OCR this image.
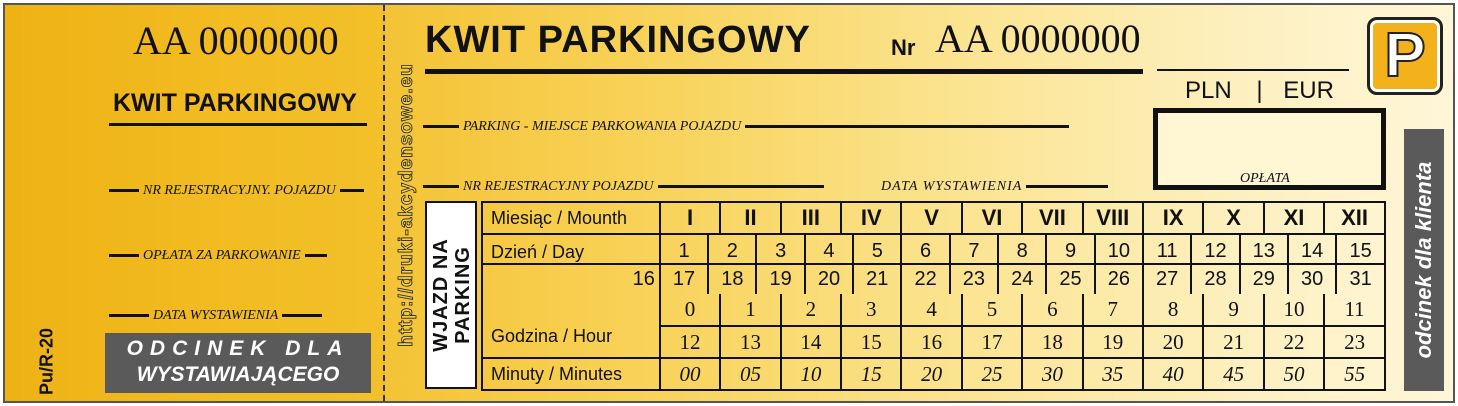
AA 0000000
KWIT PARKINGOWY
NR REJESTRACYJNY. POJAZDU
OPŁATA ZA PARKOWANIE
DATA WYSTAWIENIA
ODCINEK DLA
WYSTAWIAJĄCEGO
Pu/R-20
http://druki-akcydensowe.eu
KWIT PARKINGOWY	Nr AA 0000000	P
PLN | EUR
OPŁATA	odcinek dla klienta
PARKING - MIEJSCE PARKOWANIA POJAZDU
NR REJESTRACYJNY POJAZDU	DATA WYSTAWIENIA
WJAZD NA PARKING
Miesiąc / Mounth	I		II		III		IV		V		VI		VII		VIII		IX		X		XI		XII	
Dzień / Day	1	2		3		4		5	6	7		8		9		10	11	12		13		14		15
16	17	18		19		20		21	22	23		24		25		26	27	28		29		30		31
	0		1		2		3		4		5		6		7		8		9		10		11	
Godzina / Hour	12		13		14		15		16		17		18		19		20		21		22		23	
Minuty / Minutes	00		05		10		15		20		25		30		35		40		45		50		55	
